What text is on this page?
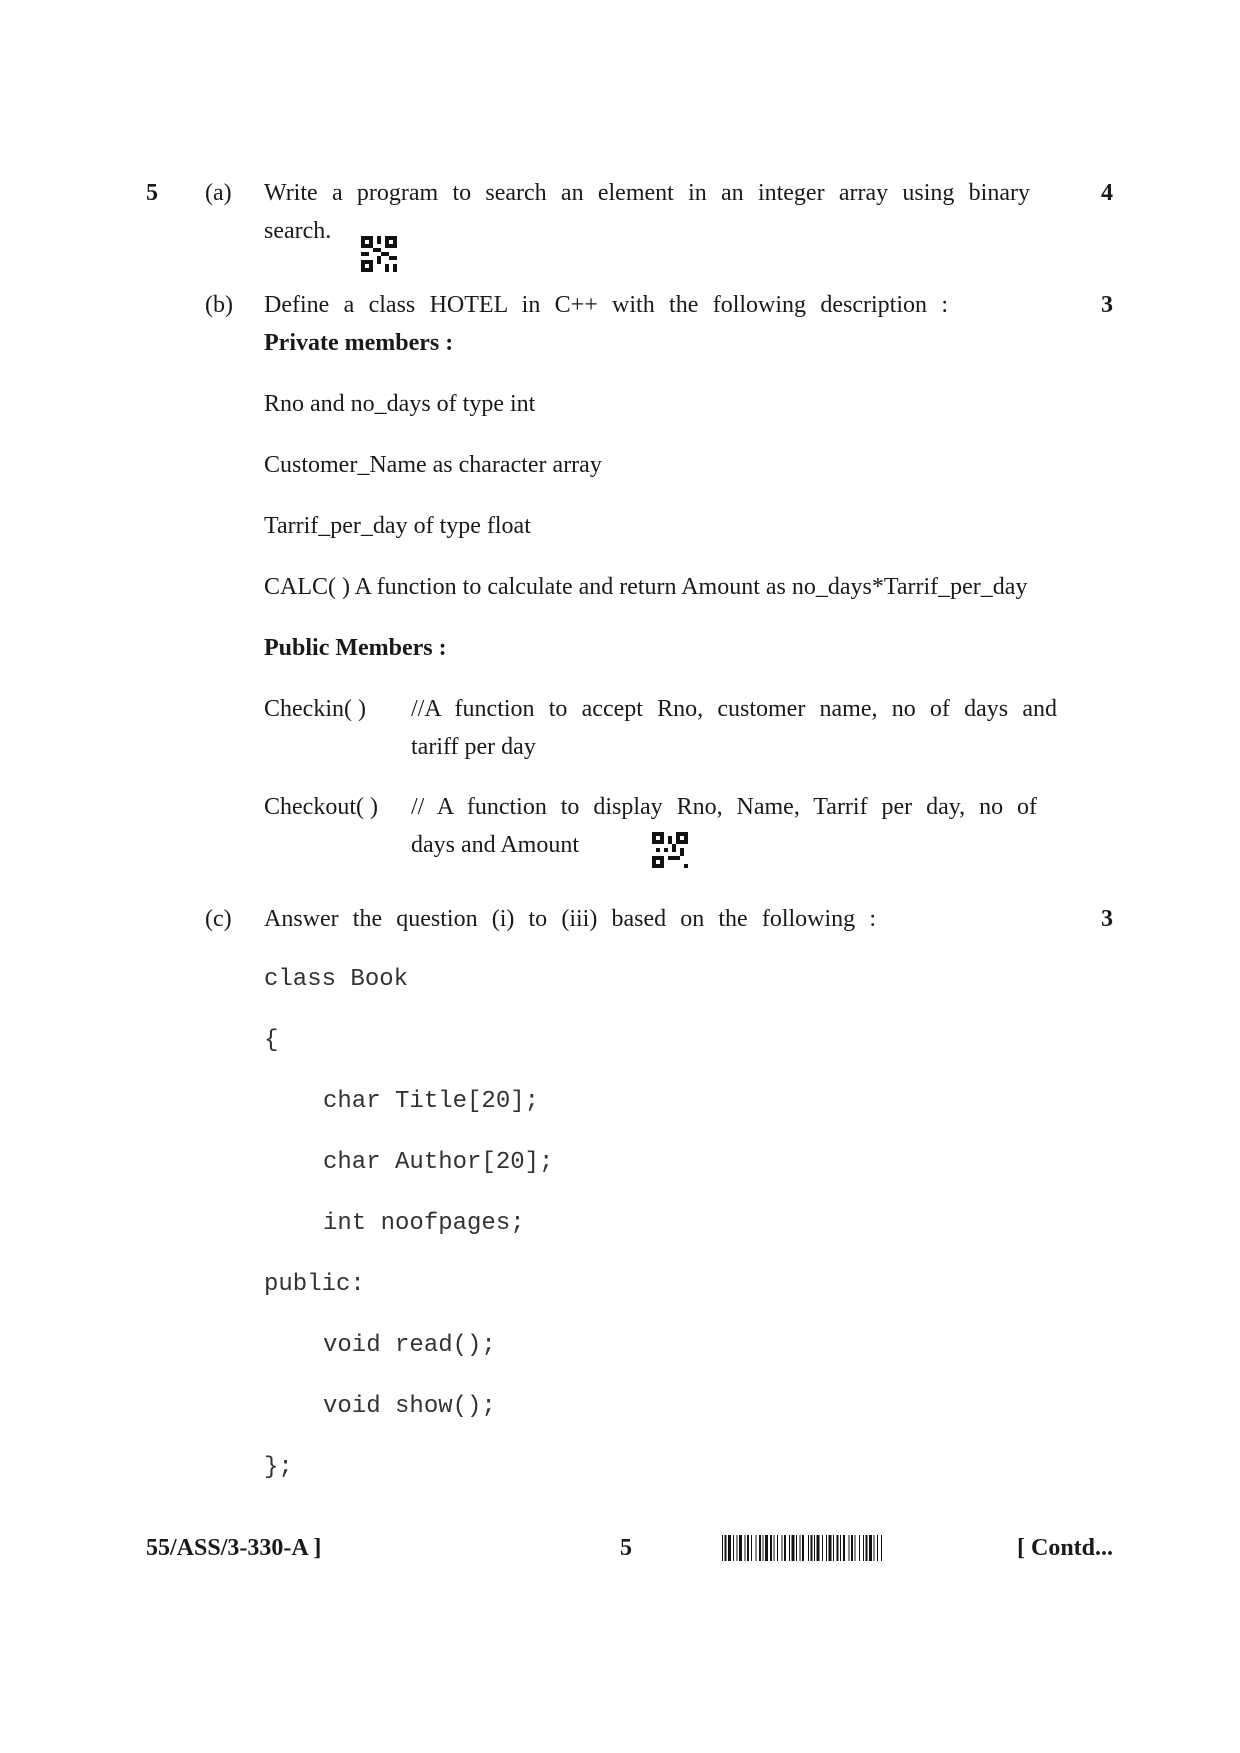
5 (a) Write a program to search an element in an integer array using binary	4
search.
(b) Define a class HOTEL in C++ with the following description :	3
Private members :
Rno and no_days of type int
Customer_Name as character array
Tarrif_per_day of type float
CALC( ) A function to calculate and return Amount as no_days*Tarrif_per_day
Public Members :
Checkin( ) //A function to accept Rno, customer name, no of days and
tariff per day
Checkout( ) // A function to display Rno, Name, Tarrif per day, no of
days and Amount
(c) Answer the question (i) to (iii) based on the following :	3
class Book
{
char Title[20];
char Author[20];
int noofpages;
public:
void read();
void show();
};
55/ASS/3-330-A ]	5	[ Contd...
